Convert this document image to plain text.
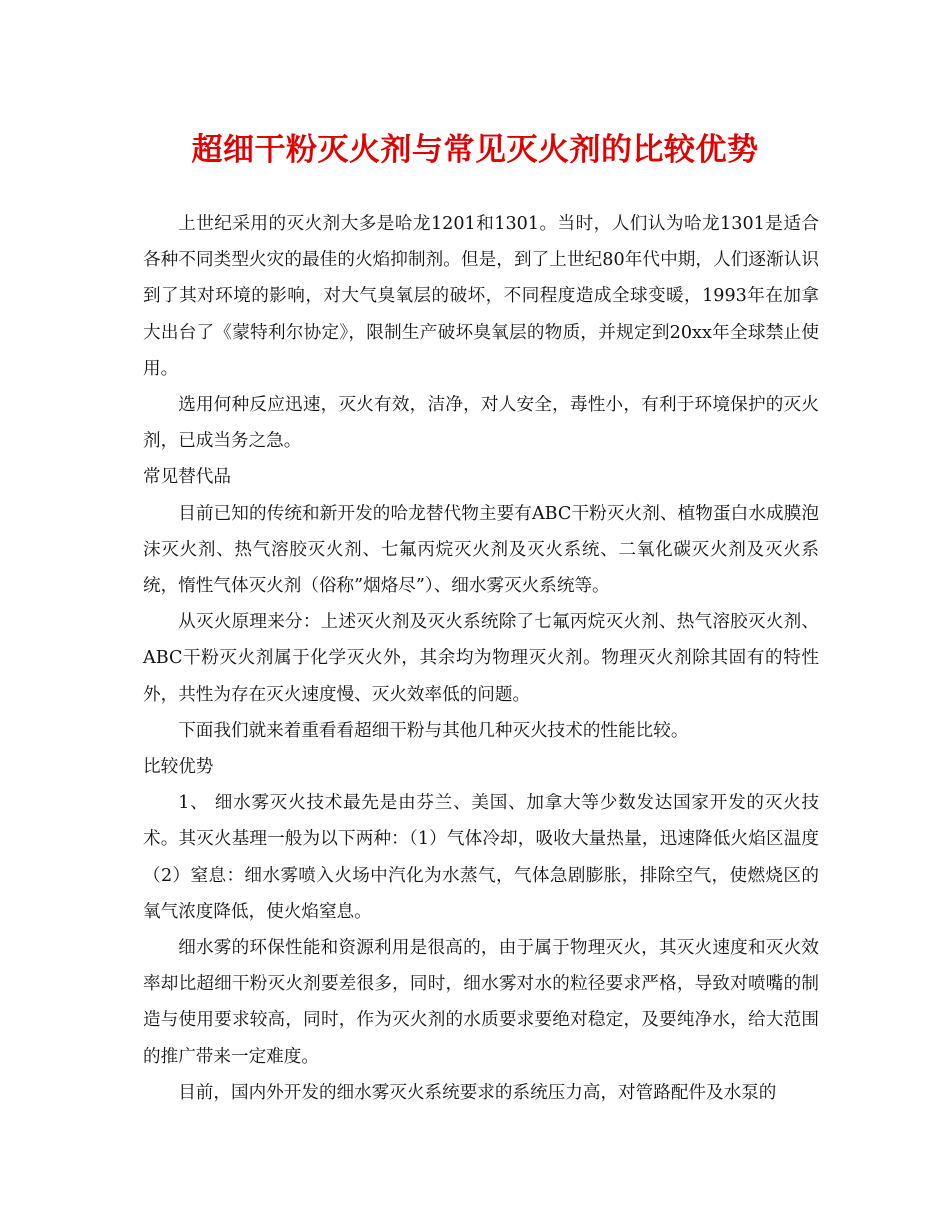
超细干粉灭火剂与常见灭火剂的比较优势

上世纪采用的灭火剂大多是哈龙1201和1301。当时，人们认为哈龙1301是适合各种不同类型火灾的最佳的火焰抑制剂。但是，到了上世纪80年代中期，人们逐渐认识到了其对环境的影响，对大气臭氧层的破坏，不同程度造成全球变暖，1993年在加拿大出台了《蒙特利尔协定》，限制生产破坏臭氧层的物质，并规定到20xx年全球禁止使用。

选用何种反应迅速，灭火有效，洁净，对人安全，毒性小，有利于环境保护的灭火剂，已成当务之急。

常见替代品

目前已知的传统和新开发的哈龙替代物主要有ABC干粉灭火剂、植物蛋白水成膜泡沫灭火剂、热气溶胶灭火剂、七氟丙烷灭火剂及灭火系统、二氧化碳灭火剂及灭火系统，惰性气体灭火剂（俗称”烟烙尽”）、细水雾灭火系统等。

从灭火原理来分：上述灭火剂及灭火系统除了七氟丙烷灭火剂、热气溶胶灭火剂、ABC干粉灭火剂属于化学灭火外，其余均为物理灭火剂。物理灭火剂除其固有的特性外，共性为存在灭火速度慢、灭火效率低的问题。

下面我们就来着重看看超细干粉与其他几种灭火技术的性能比较。

比较优势

1、 细水雾灭火技术最先是由芬兰、美国、加拿大等少数发达国家开发的灭火技术。其灭火基理一般为以下两种：（1）气体冷却，吸收大量热量，迅速降低火焰区温度（2）窒息：细水雾喷入火场中汽化为水蒸气，气体急剧膨胀，排除空气，使燃烧区的氧气浓度降低，使火焰窒息。

细水雾的环保性能和资源利用是很高的，由于属于物理灭火，其灭火速度和灭火效率却比超细干粉灭火剂要差很多，同时，细水雾对水的粒径要求严格，导致对喷嘴的制造与使用要求较高，同时，作为灭火剂的水质要求要绝对稳定，及要纯净水，给大范围的推广带来一定难度。

目前，国内外开发的细水雾灭火系统要求的系统压力高，对管路配件及水泵的
